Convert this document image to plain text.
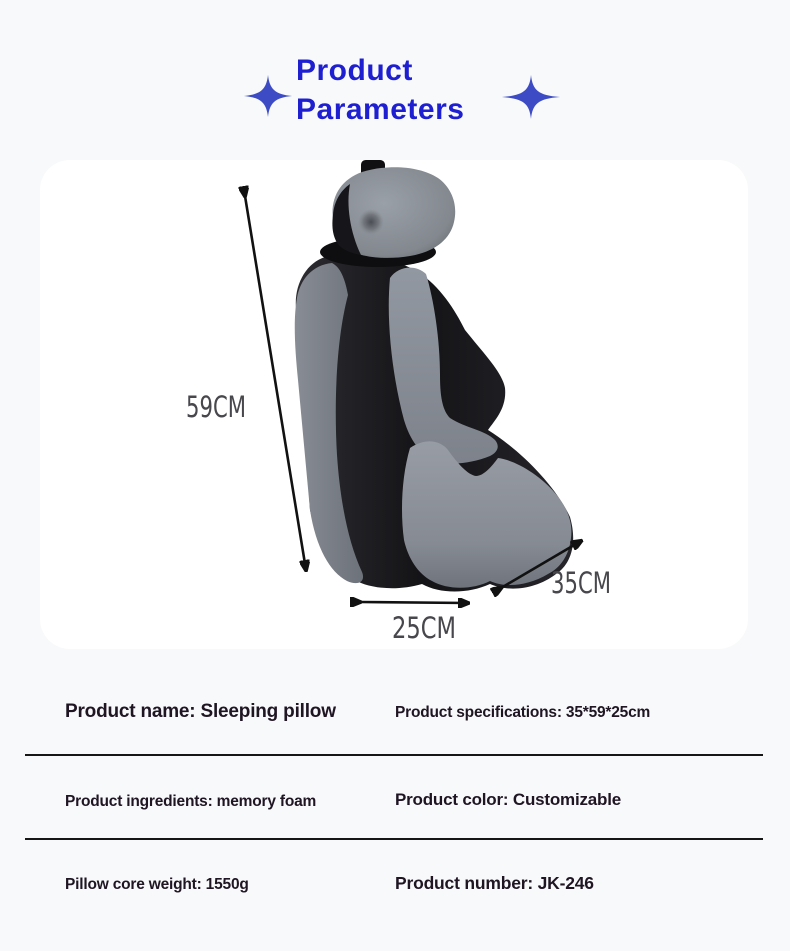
Product
Parameters
59CM
25CM
35CM
Product name: Sleeping pillow	Product specifications: 35*59*25cm
Product ingredients: memory foam	Product color: Customizable
Pillow core weight: 1550g	Product number: JK-246
